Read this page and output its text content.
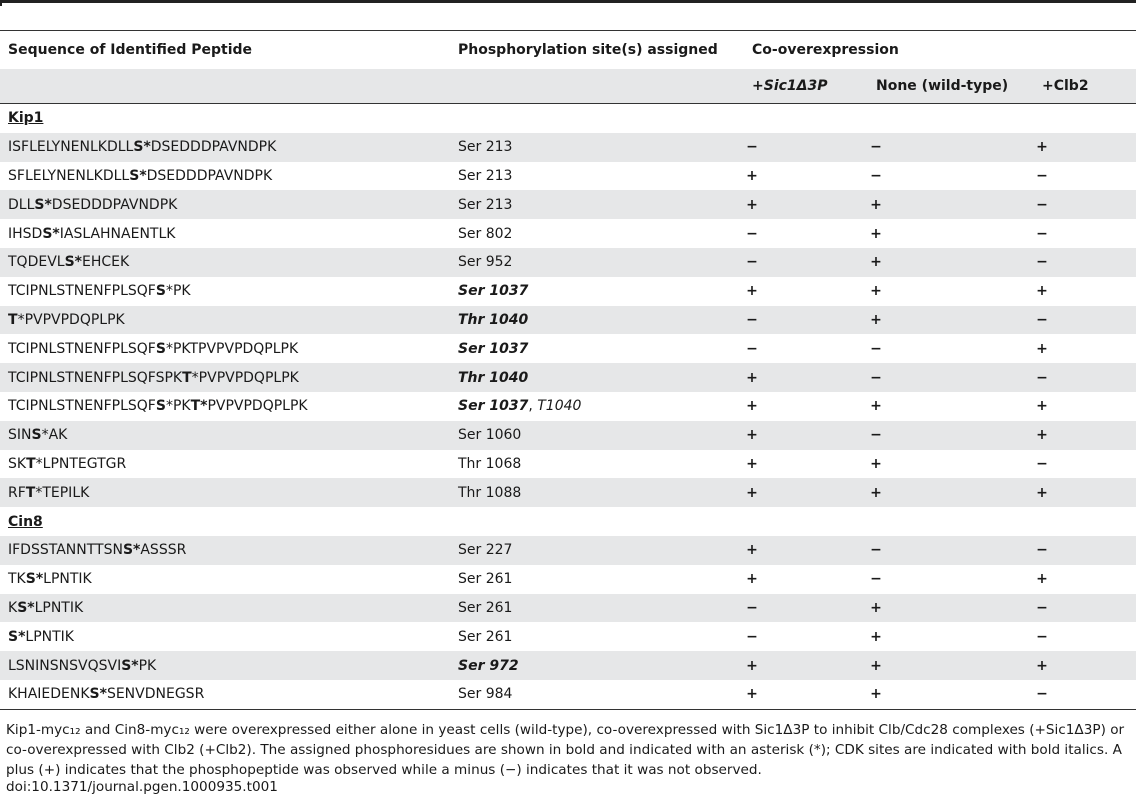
Sequence of Identified Peptide	Phosphorylation site(s) assigned	Co-overexpression		
		+Sic1Δ3P	None (wild-type)	+Clb2
Kip1				
ISFLELYNENLKDLLS*DSEDDDPAVNDPK	Ser 213	−	−	+
SFLELYNENLKDLLS*DSEDDDPAVNDPK	Ser 213	+	−	−
DLLS*DSEDDDPAVNDPK	Ser 213	+	+	−
IHSDS*IASLAHNAENTLK	Ser 802	−	+	−
TQDEVLS*EHCEK	Ser 952	−	+	−
TCIPNLSTNENFPLSQFS*PK	Ser 1037	+	+	+
T*PVPVPDQPLPK	Thr 1040	−	+	−
TCIPNLSTNENFPLSQFS*PKTPVPVPDQPLPK	Ser 1037	−	−	+
TCIPNLSTNENFPLSQFSPKT*PVPVPDQPLPK	Thr 1040	+	−	−
TCIPNLSTNENFPLSQFS*PKT*PVPVPDQPLPK	Ser 1037, T1040	+	+	+
SINS*AK	Ser 1060	+	−	+
SKT*LPNTEGTGR	Thr 1068	+	+	−
RFT*TEPILK	Thr 1088	+	+	+
Cin8				
IFDSSTANNTTSNS*ASSSR	Ser 227	+	−	−
TKS*LPNTIK	Ser 261	+	−	+
KS*LPNTIK	Ser 261	−	+	−
S*LPNTIK	Ser 261	−	+	−
LSNINSNSVQSVIS*PK	Ser 972	+	+	+
KHAIEDENKS*SENVDNEGSR	Ser 984	+	+	−
Kip1-myc₁₂ and Cin8-myc₁₂ were overexpressed either alone in yeast cells (wild-type), co-overexpressed with Sic1Δ3P to inhibit Clb/Cdc28 complexes (+Sic1Δ3P) or co-overexpressed with Clb2 (+Clb2). The assigned phosphoresidues are shown in bold and indicated with an asterisk (*); CDK sites are indicated with bold italics. A plus (+) indicates that the phosphopeptide was observed while a minus (−) indicates that it was not observed.
doi:10.1371/journal.pgen.1000935.t001
